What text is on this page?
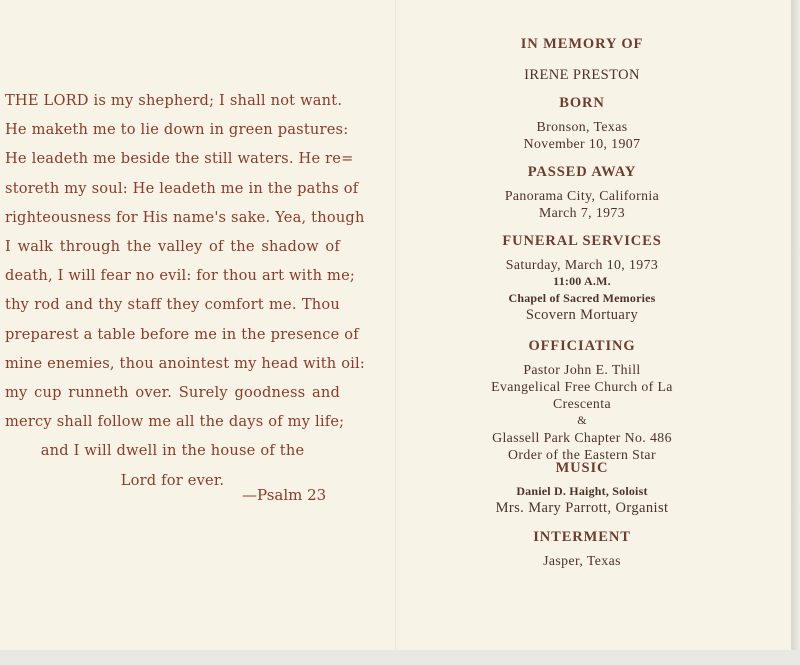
THE LORD is my shepherd; I shall not want.
He maketh me to lie down in green pastures:
He leadeth me beside the still waters. He re=
storeth my soul: He leadeth me in the paths of
righteousness for His name's sake. Yea, though
I walk through the valley of the shadow of
death, I will fear no evil: for thou art with me;
thy rod and thy staff they comfort me. Thou
preparest a table before me in the presence of
mine enemies, thou anointest my head with oil:
my cup runneth over. Surely goodness and
mercy shall follow me all the days of my life;
and I will dwell in the house of the
Lord for ever.
—Psalm 23
IN MEMORY OF
IRENE PRESTON
BORN
Bronson, Texas
November 10, 1907
PASSED AWAY
Panorama City, California
March 7, 1973
FUNERAL SERVICES
Saturday, March 10, 1973
11:00 A.M.
Chapel of Sacred Memories
Scovern Mortuary
OFFICIATING
Pastor John E. Thill
Evangelical Free Church of La Crescenta
&
Glassell Park Chapter No. 486
Order of the Eastern Star
MUSIC
Daniel D. Haight, Soloist
Mrs. Mary Parrott, Organist
INTERMENT
Jasper, Texas
